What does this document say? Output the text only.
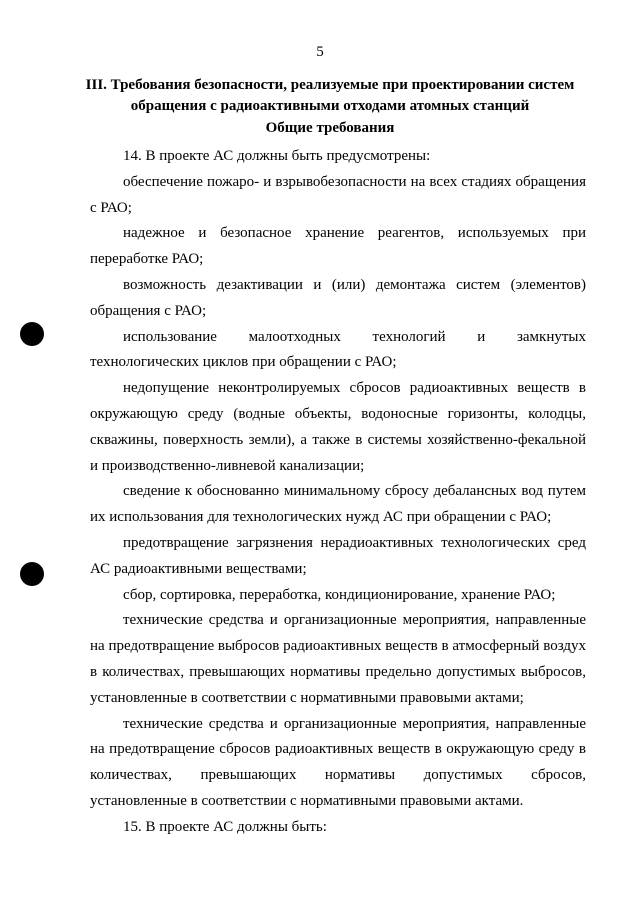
5
III. Требования безопасности, реализуемые при проектировании систем
обращения с радиоактивными отходами атомных станций
Общие требования

14. В проекте АС должны быть предусмотрены:

обеспечение пожаро- и взрывобезопасности на всех стадиях обращения с РАО;

надежное и безопасное хранение реагентов, используемых при переработке РАО;

возможность дезактивации и (или) демонтажа систем (элементов) обращения с РАО;

использование малоотходных технологий и замкнутых технологических циклов при обращении с РАО;

недопущение неконтролируемых сбросов радиоактивных веществ в окружающую среду (водные объекты, водоносные горизонты, колодцы, скважины, поверхность земли), а также в системы хозяйственно-фекальной и производственно-ливневой канализации;

сведение к обоснованно минимальному сбросу дебалансных вод путем их использования для технологических нужд АС при обращении с РАО;

предотвращение загрязнения нерадиоактивных технологических сред АС радиоактивными веществами;

сбор, сортировка, переработка, кондиционирование, хранение РАО;

технические средства и организационные мероприятия, направленные на предотвращение выбросов радиоактивных веществ в атмосферный воздух в количествах, превышающих нормативы предельно допустимых выбросов, установленные в соответствии с нормативными правовыми актами;

технические средства и организационные мероприятия, направленные на предотвращение сбросов радиоактивных веществ в окружающую среду в количествах, превышающих нормативы допустимых сбросов, установленные в соответствии с нормативными правовыми актами.

15. В проекте АС должны быть:
